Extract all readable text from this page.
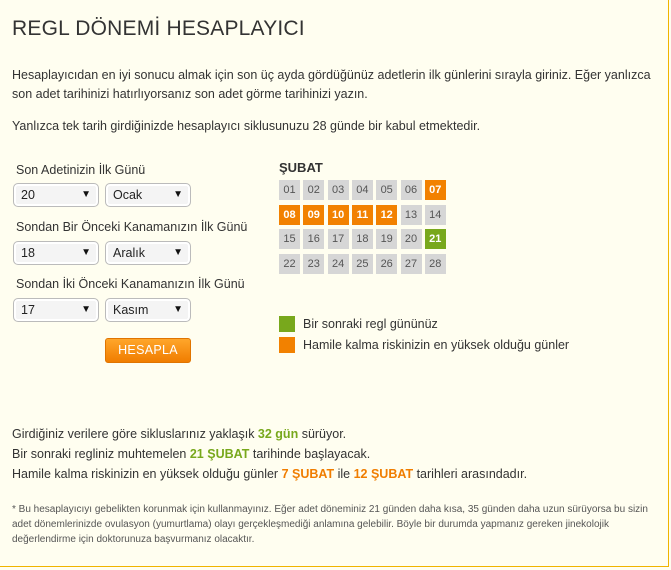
REGL DÖNEMİ HESAPLAYICI
Hesaplayıcıdan en iyi sonucu almak için son üç ayda gördüğünüz adetlerin ilk günlerini sırayla giriniz. Eğer yanlızca son adet tarihinizi hatırlıyorsanız son adet görme tarihinizi yazın.
Yanlızca tek tarih girdiğinizde hesaplayıcı siklusunuzu 28 günde bir kabul etmektedir.
Son Adetinizin İlk Günü
20	▼	Ocak	▼
Sondan Bir Önceki Kanamanızın İlk Günü
18	▼	Aralık	▼
Sondan İki Önceki Kanamanızın İlk Günü
17	▼	Kasım ▼
HESAPLA
ŞUBAT
01	02	03	04	05	06	07
08	09	10	11	12	13	14
15	16	17	18	19	20	21
22	23	24	25	26	27	28
Bir sonraki regl gününüz
Hamile kalma riskinizin en yüksek olduğu günler
Girdiğiniz verilere göre sikluslarınız yaklaşık 32 gün sürüyor.
Bir sonraki regliniz muhtemelen 21 ŞUBAT tarihinde başlayacak.
Hamile kalma riskinizin en yüksek olduğu günler 7 ŞUBAT ile 12 ŞUBAT tarihleri arasındadır.
* Bu hesaplayıcıyı gebelikten korunmak için kullanmayınız. Eğer adet döneminiz 21 günden daha kısa, 35 günden daha uzun sürüyorsa bu sizin adet dönemlerinizde ovulasyon (yumurtlama) olayı gerçekleşmediği anlamına gelebilir. Böyle bir durumda yapmanız gereken jinekolojik değerlendirme için doktorunuza başvurmanız olacaktır.
